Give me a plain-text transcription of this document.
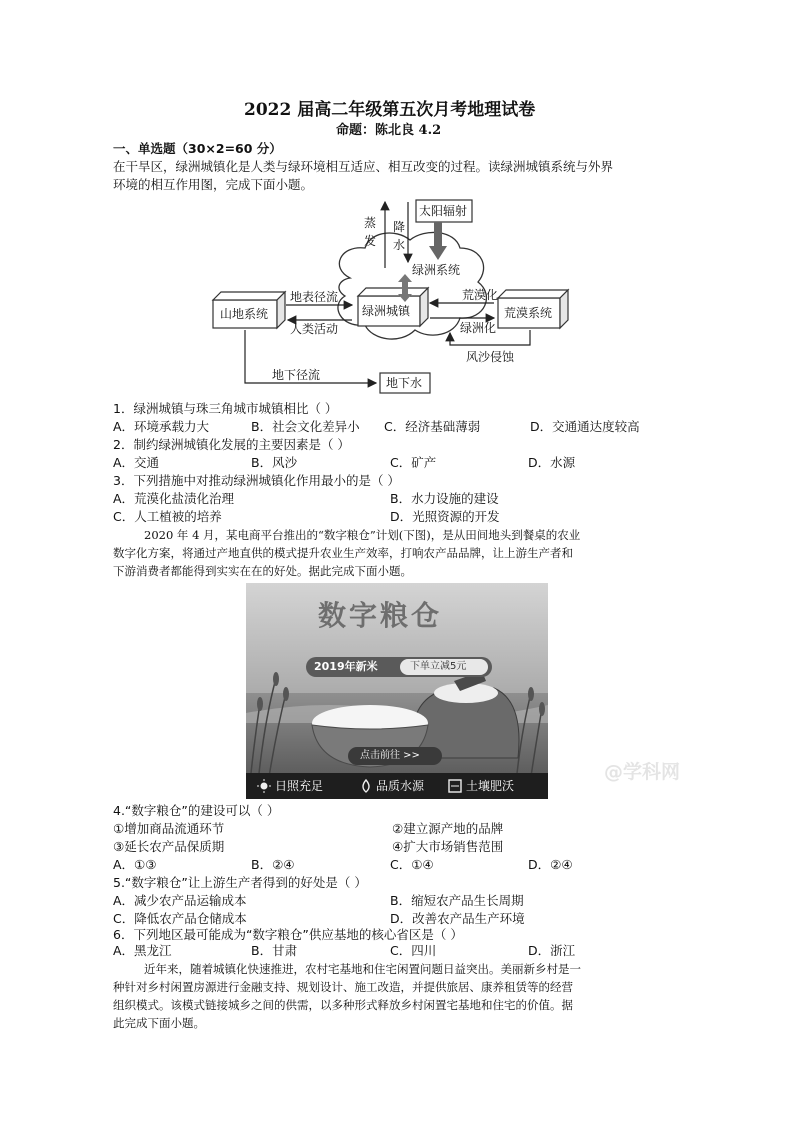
2022 届高二年级第五次月考地理试卷
命题：陈北良 4.2
一、单选题（30×2=60 分）
在干旱区，绿洲城镇化是人类与绿环境相互适应、相互改变的过程。读绿洲城镇系统与外界
环境的相互作用图，完成下面小题。
太阳辐射
蒸发
降水
绿洲系统
绿洲城镇
山地系统	荒漠系统
地表径流
人类活动
荒漠化
绿洲化
风沙侵蚀
地下径流
地下水
1．绿洲城镇与珠三角城市城镇相比（ ）
A．环境承载力大	B．社会文化差异小 C．经济基础薄弱	D．交通通达度较高
2．制约绿洲城镇化发展的主要因素是（ ）
A．交通	B．风沙	C．矿产	D．水源
3．下列措施中对推动绿洲城镇化作用最小的是（ ）
A．荒漠化盐渍化治理	B．水力设施的建设
C．人工植被的培养	D．光照资源的开发
2020 年 4 月，某电商平台推出的“数字粮仓”计划(下图)，是从田间地头到餐桌的农业
数字化方案，将通过产地直供的模式提升农业生产效率，打响农产品品牌，让上游生产者和
下游消费者都能得到实实在在的好处。据此完成下面小题。
数字粮仓
2019年新米	下单立减5元
点击前往 >>
日照充足	品质水源	土壤肥沃
@学科网
4.“数字粮仓”的建设可以（ ）
①增加商品流通环节	②建立源产地的品牌
③延长农产品保质期	④扩大市场销售范围
A．①③	B．②④	C．①④	D．②④
5.“数字粮仓”让上游生产者得到的好处是（ ）
A．减少农产品运输成本	B．缩短农产品生长周期
C．降低农产品仓储成本	D．改善农产品生产环境
6．下列地区最可能成为“数字粮仓”供应基地的核心省区是（ ）
A．黑龙江	B．甘肃	C．四川	D．浙江
近年来，随着城镇化快速推进，农村宅基地和住宅闲置问题日益突出。美丽新乡村是一
种针对乡村闲置房源进行金融支持、规划设计、施工改造，并提供旅居、康养租赁等的经营
组织模式。该模式链接城乡之间的供需，以多种形式释放乡村闲置宅基地和住宅的价值。据
此完成下面小题。
